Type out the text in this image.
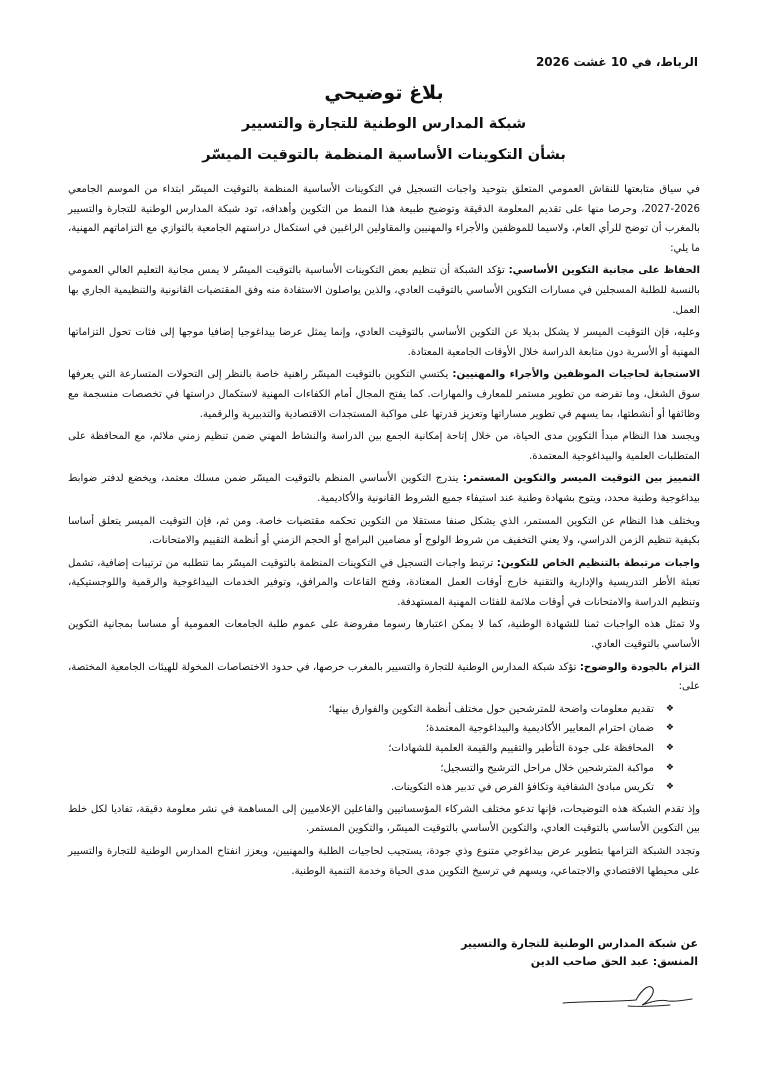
الرباط، في 10 غشت 2026
بلاغ توضيحي
شبكة المدارس الوطنية للتجارة والتسيير
بشأن التكوينات الأساسية المنظمة بالتوقيت الميسّر

في سياق متابعتها للنقاش العمومي المتعلق بتوحيد واجبات التسجيل في التكوينات الأساسية المنظمة بالتوقيت الميسّر ابتداء من الموسم الجامعي 2026-2027، وحرصا منها على تقديم المعلومة الدقيقة وتوضيح طبيعة هذا النمط من التكوين وأهدافه، تود شبكة المدارس الوطنية للتجارة والتسيير بالمغرب أن توضح للرأي العام، ولاسيما للموظفين والأجراء والمهنيين والمقاولين الراغبين في استكمال دراستهم الجامعية بالتوازي مع التزاماتهم المهنية، ما يلي:

الحفاظ على مجانية التكوين الأساسي: تؤكد الشبكة أن تنظيم بعض التكوينات الأساسية بالتوقيت الميسّر لا يمس مجانية التعليم العالي العمومي بالنسبة للطلبة المسجلين في مسارات التكوين الأساسي بالتوقيت العادي، والذين يواصلون الاستفادة منه وفق المقتضيات القانونية والتنظيمية الجاري بها العمل.

وعليه، فإن التوقيت الميسر لا يشكل بديلا عن التكوين الأساسي بالتوقيت العادي، وإنما يمثل عرضا بيداغوجيا إضافيا موجها إلى فئات تحول التزاماتها المهنية أو الأسرية دون متابعة الدراسة خلال الأوقات الجامعية المعتادة.

الاستجابة لحاجيات الموظفين والأجراء والمهنيين: يكتسي التكوين بالتوقيت الميسّر راهنية خاصة بالنظر إلى التحولات المتسارعة التي يعرفها سوق الشغل، وما تفرضه من تطوير مستمر للمعارف والمهارات. كما يفتح المجال أمام الكفاءات المهنية لاستكمال دراستها في تخصصات منسجمة مع وظائفها أو أنشطتها، بما يسهم في تطوير مساراتها وتعزيز قدرتها على مواكبة المستجدات الاقتصادية والتدبيرية والرقمية.

ويجسد هذا النظام مبدأ التكوين مدى الحياة، من خلال إتاحة إمكانية الجمع بين الدراسة والنشاط المهني ضمن تنظيم زمني ملائم، مع المحافظة على المتطلبات العلمية والبيداغوجية المعتمدة.

التمييز بين التوقيت الميسر والتكوين المستمر: يندرج التكوين الأساسي المنظم بالتوقيت الميسّر ضمن مسلك معتمد، ويخضع لدفتر ضوابط بيداغوجية وطنية محدد، ويتوج بشهادة وطنية عند استيفاء جميع الشروط القانونية والأكاديمية.

ويختلف هذا النظام عن التكوين المستمر، الذي يشكل صنفا مستقلا من التكوين تحكمه مقتضيات خاصة. ومن ثم، فإن التوقيت الميسر يتعلق أساسا بكيفية تنظيم الزمن الدراسي، ولا يعني التخفيف من شروط الولوج أو مضامين البرامج أو الحجم الزمني أو أنظمة التقييم والامتحانات.

واجبات مرتبطة بالتنظيم الخاص للتكوين: ترتبط واجبات التسجيل في التكوينات المنظمة بالتوقيت الميسّر بما تتطلبه من ترتيبات إضافية، تشمل تعبئة الأطر التدريسية والإدارية والتقنية خارج أوقات العمل المعتادة، وفتح القاعات والمرافق، وتوفير الخدمات البيداغوجية والرقمية واللوجستيكية، وتنظيم الدراسة والامتحانات في أوقات ملائمة للفئات المهنية المستهدفة.

ولا تمثل هذه الواجبات ثمنا للشهادة الوطنية، كما لا يمكن اعتبارها رسوما مفروضة على عموم طلبة الجامعات العمومية أو مساسا بمجانية التكوين الأساسي بالتوقيت العادي.

التزام بالجودة والوضوح: تؤكد شبكة المدارس الوطنية للتجارة والتسيير بالمغرب حرصها، في حدود الاختصاصات المخولة للهيئات الجامعية المختصة، على:

❖
تقديم معلومات واضحة للمترشحين حول مختلف أنظمة التكوين والفوارق بينها؛
❖
ضمان احترام المعايير الأكاديمية والبيداغوجية المعتمدة؛
❖
المحافظة على جودة التأطير والتقييم والقيمة العلمية للشهادات؛
❖
مواكبة المترشحين خلال مراحل الترشيح والتسجيل؛
❖
تكريس مبادئ الشفافية وتكافؤ الفرص في تدبير هذه التكوينات.

وإذ تقدم الشبكة هذه التوضيحات، فإنها تدعو مختلف الشركاء المؤسساتيين والفاعلين الإعلاميين إلى المساهمة في نشر معلومة دقيقة، تفاديا لكل خلط بين التكوين الأساسي بالتوقيت العادي، والتكوين الأساسي بالتوقيت الميسّر، والتكوين المستمر.

وتجدد الشبكة التزامها بتطوير عرض بيداغوجي متنوع وذي جودة، يستجيب لحاجيات الطلبة والمهنيين، ويعزز انفتاح المدارس الوطنية للتجارة والتسيير على محيطها الاقتصادي والاجتماعي، ويسهم في ترسيخ التكوين مدى الحياة وخدمة التنمية الوطنية.

عن شبكة المدارس الوطنية للتجارة والتسيير
المنسق: عبد الحق صاحب الدين
